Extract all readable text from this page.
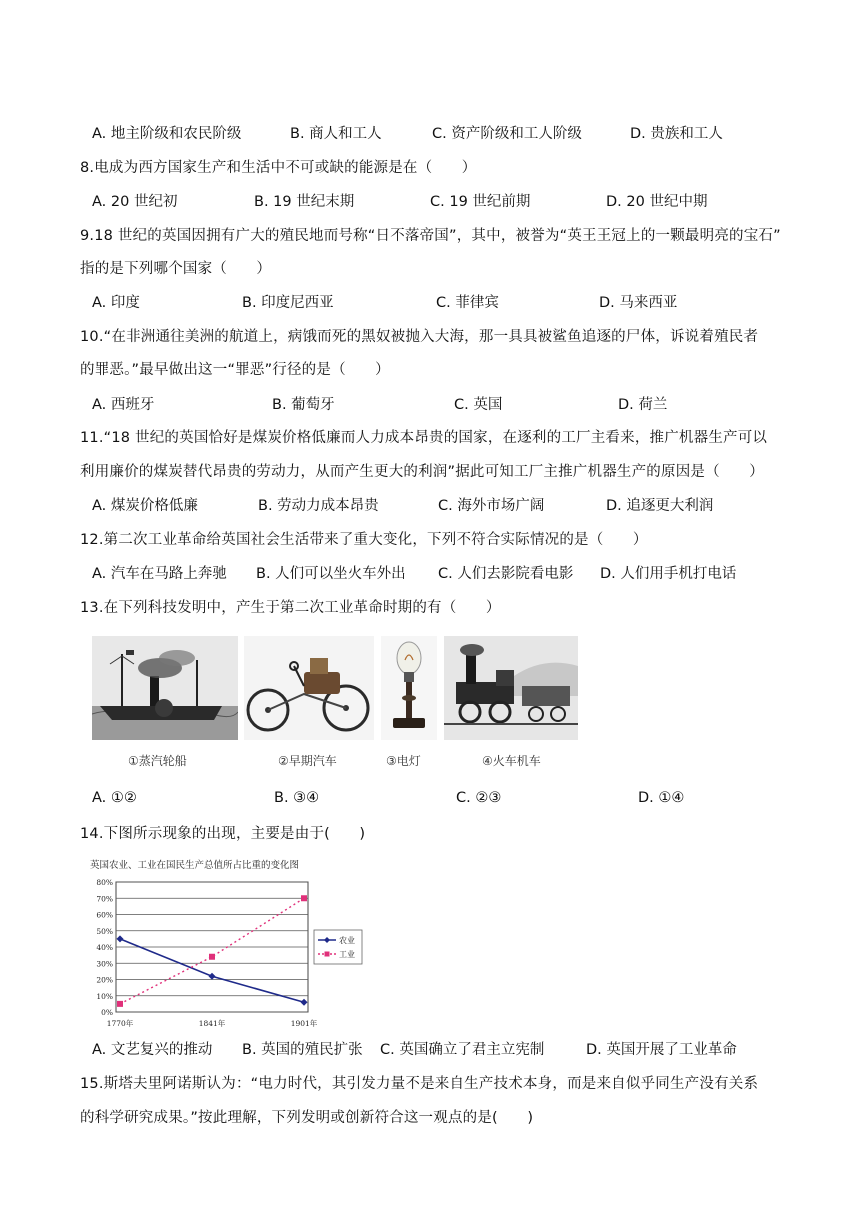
A. 地主阶级和农民阶级	B. 商人和工人	C. 资产阶级和工人阶级	D. 贵族和工人
8.电成为西方国家生产和生活中不可或缺的能源是在（　　）
A. 20 世纪初	B. 19 世纪末期	C. 19 世纪前期	D. 20 世纪中期
9.18 世纪的英国因拥有广大的殖民地而号称“日不落帝国”，其中，被誉为“英王王冠上的一颗最明亮的宝石”
指的是下列哪个国家（　　）
A. 印度	B. 印度尼西亚	C. 菲律宾	D. 马来西亚
10.“在非洲通往美洲的航道上，病饿而死的黑奴被抛入大海，那一具具被鲨鱼追逐的尸体，诉说着殖民者
的罪恶。”最早做出这一“罪恶”行径的是（　　）
A. 西班牙	B. 葡萄牙	C. 英国	D. 荷兰
11.“18 世纪的英国恰好是煤炭价格低廉而人力成本昂贵的国家，在逐利的工厂主看来，推广机器生产可以
利用廉价的煤炭替代昂贵的劳动力，从而产生更大的利润”据此可知工厂主推广机器生产的原因是（　　）
A. 煤炭价格低廉	B. 劳动力成本昂贵	C. 海外市场广阔	D. 追逐更大利润
12.第二次工业革命给英国社会生活带来了重大变化，下列不符合实际情况的是（　　）
A. 汽车在马路上奔驰 B. 人们可以坐火车外出 C. 人们去影院看电影 D. 人们用手机打电话
13.在下列科技发明中，产生于第二次工业革命时期的有（　　）
①蒸汽轮船	②早期汽车	③电灯	④火车机车
A. ①②	B. ③④	C. ②③	D. ①④
14.下图所示现象的出现，主要是由于(　　)
英国农业、工业在国民生产总值所占比重的变化图
0%
10%
20%
30%
40%
50%
60%
70%
80%
1770年	1841年	1901年
农业
工业
A. 文艺复兴的推动 B. 英国的殖民扩张 C. 英国确立了君主立宪制	D. 英国开展了工业革命
15.斯塔夫里阿诺斯认为：“电力时代，其引发力量不是来自生产技术本身，而是来自似乎同生产没有关系
的科学研究成果。”按此理解，下列发明或创新符合这一观点的是(　　)
